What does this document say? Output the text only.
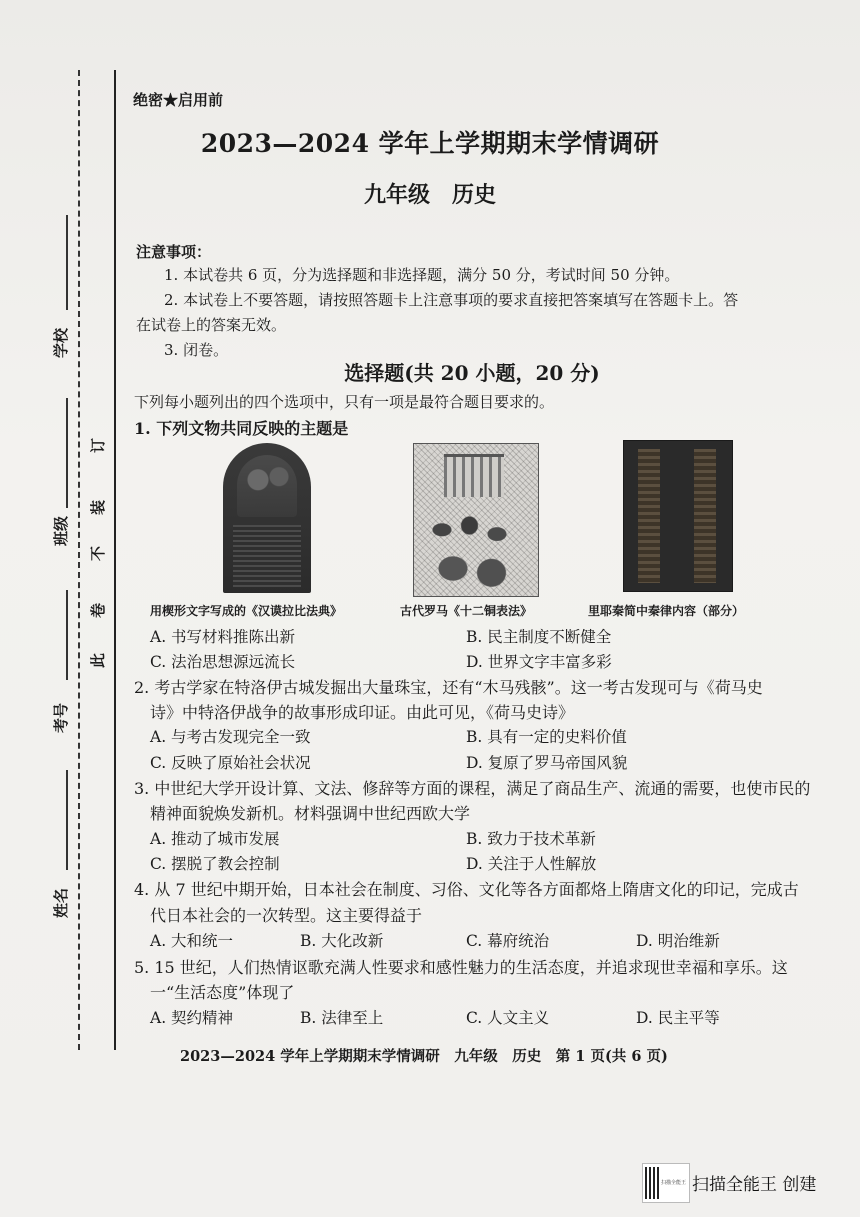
学校
班级
考号
姓名
订
装
不
卷
此
绝密★启用前
2023—2024 学年上学期期末学情调研
九年级　历史
注意事项：
1. 本试卷共 6 页，分为选择题和非选择题，满分 50 分，考试时间 50 分钟。
2. 本试卷上不要答题，请按照答题卡上注意事项的要求直接把答案填写在答题卡上。答
在试卷上的答案无效。
3. 闭卷。
选择题(共 20 小题，20 分)
下列每小题列出的四个选项中，只有一项是最符合题目要求的。
1. 下列文物共同反映的主题是
用楔形文字写成的《汉谟拉比法典》	古代罗马《十二铜表法》	里耶秦简中秦律内容（部分）
A. 书写材料推陈出新	B. 民主制度不断健全
C. 法治思想源远流长	D. 世界文字丰富多彩
2. 考古学家在特洛伊古城发掘出大量珠宝，还有“木马残骸”。这一考古发现可与《荷马史
诗》中特洛伊战争的故事形成印证。由此可见，《荷马史诗》
A. 与考古发现完全一致	B. 具有一定的史料价值
C. 反映了原始社会状况	D. 复原了罗马帝国风貌
3. 中世纪大学开设计算、文法、修辞等方面的课程，满足了商品生产、流通的需要，也使市民的
精神面貌焕发新机。材料强调中世纪西欧大学
A. 推动了城市发展	B. 致力于技术革新
C. 摆脱了教会控制	D. 关注于人性解放
4. 从 7 世纪中期开始，日本社会在制度、习俗、文化等各方面都烙上隋唐文化的印记，完成古
代日本社会的一次转型。这主要得益于
A. 大和统一	B. 大化改新	C. 幕府统治	D. 明治维新
5. 15 世纪，人们热情讴歌充满人性要求和感性魅力的生活态度，并追求现世幸福和享乐。这
一“生活态度”体现了
A. 契约精神	B. 法律至上	C. 人文主义	D. 民主平等
2023—2024 学年上学期期末学情调研　九年级　历史　第 1 页(共 6 页)
扫描全能王 扫描全能王 创建
